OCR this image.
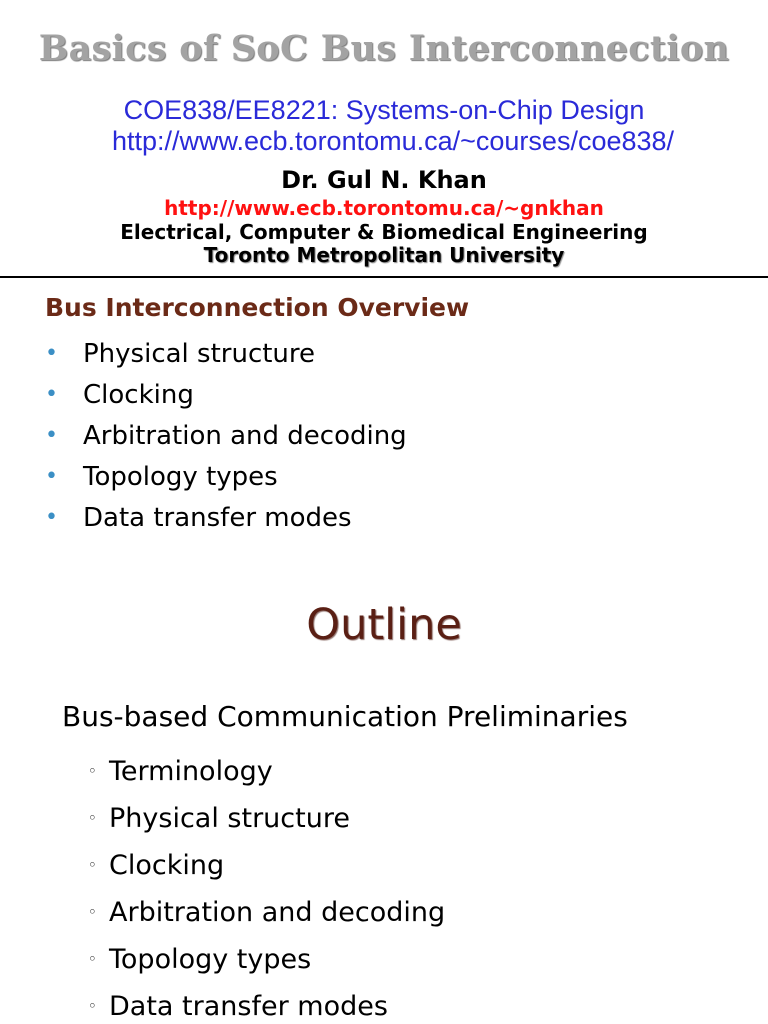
Basics of SoC Bus Interconnection
COE838/EE8221: Systems-on-Chip Design
http://www.ecb.torontomu.ca/~courses/coe838/
Dr. Gul N. Khan
http://www.ecb.torontomu.ca/~gnkhan
Electrical, Computer & Biomedical Engineering
Toronto Metropolitan University
Bus Interconnection Overview
• Physical structure
• Clocking
• Arbitration and decoding
• Topology types
• Data transfer modes
Outline
Bus-based Communication Preliminaries
◦ Terminology
◦ Physical structure
◦ Clocking
◦ Arbitration and decoding
◦ Topology types
◦ Data transfer modes
